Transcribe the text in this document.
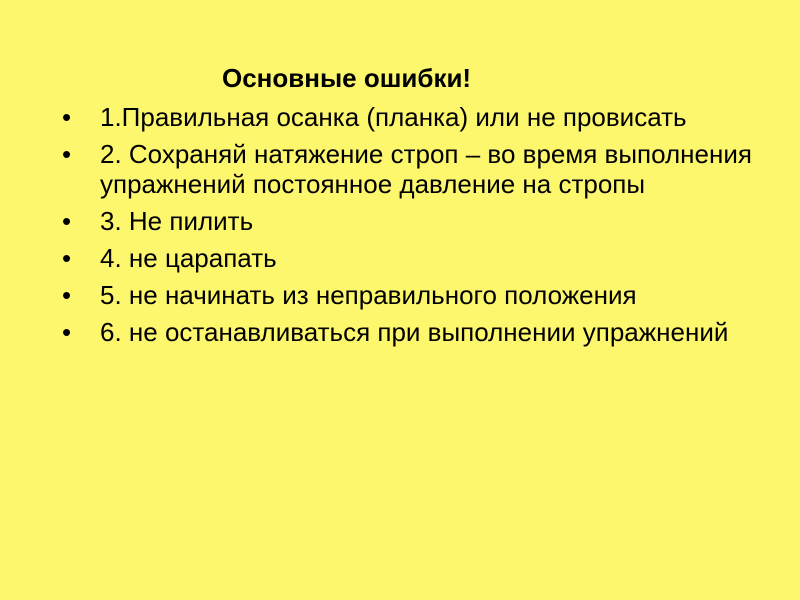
Основные ошибки!
•	1.Правильная осанка (планка) или не провисать
•	2. Сохраняй натяжение строп – во время выполнения упражнений постоянное давление на стропы
•	3. Не пилить
•	4. не царапать
•	5. не начинать из неправильного положения
•	6. не останавливаться при выполнении упражнений
